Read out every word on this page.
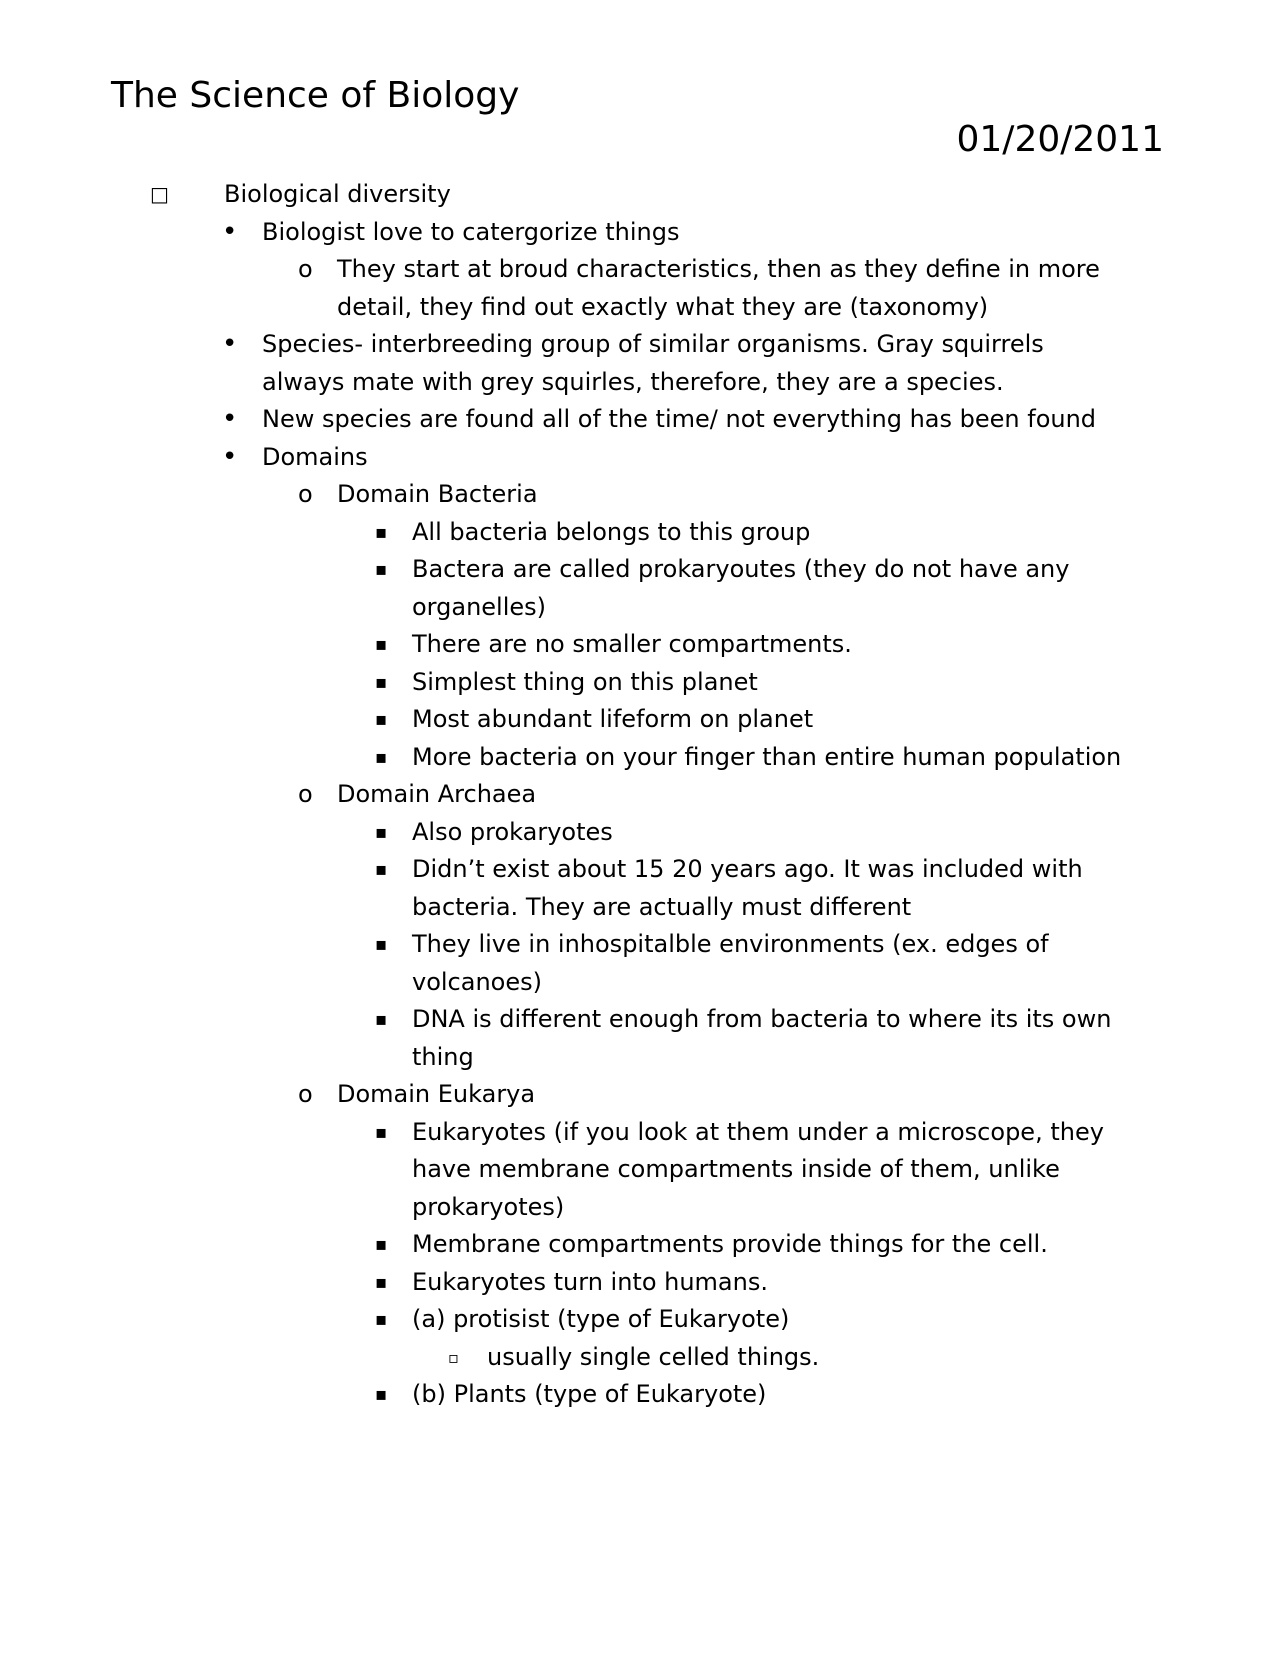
The Science of Biology
01/20/2011
□ Biological diversity
• Biologist love to catergorize things
o They start at broud characteristics, then as they define in more detail, they find out exactly what they are (taxonomy)
• Species- interbreeding group of similar organisms. Gray squirrels always mate with grey squirles, therefore, they are a species.
• New species are found all of the time/ not everything has been found
• Domains
o Domain Bacteria
▪ All bacteria belongs to this group
▪ Bactera are called prokaryoutes (they do not have any organelles)
▪ There are no smaller compartments.
▪ Simplest thing on this planet
▪ Most abundant lifeform on planet
▪ More bacteria on your finger than entire human population
o Domain Archaea
▪ Also prokaryotes
▪ Didn’t exist about 15 20 years ago. It was included with bacteria. They are actually must different
▪ They live in inhospitalble environments (ex. edges of volcanoes)
▪ DNA is different enough from bacteria to where its its own thing
o Domain Eukarya
▪ Eukaryotes (if you look at them under a microscope, they have membrane compartments inside of them, unlike prokaryotes)
▪ Membrane compartments provide things for the cell.
▪ Eukaryotes turn into humans.
▪ (a) protisist (type of Eukaryote)
▫ usually single celled things.
▪ (b) Plants (type of Eukaryote)
